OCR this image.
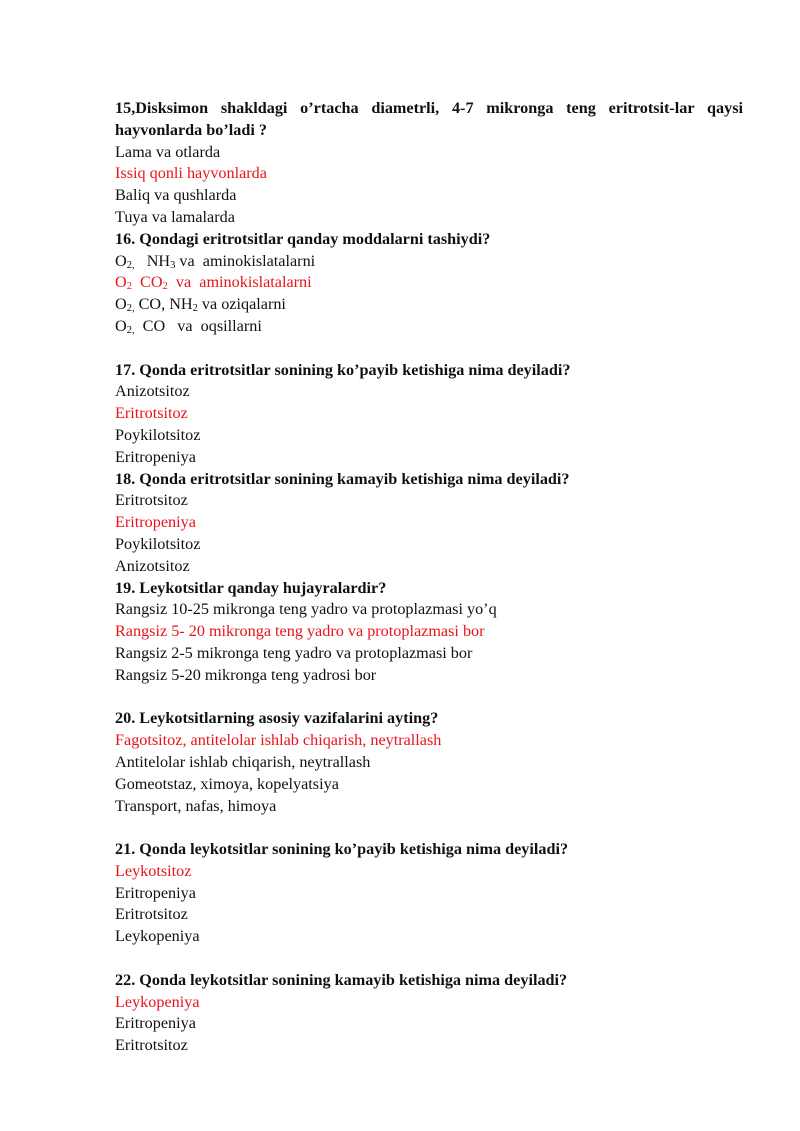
15,Disksimon shakldagi o’rtacha diametrli, 4-7 mikronga teng eritrotsit-lar qaysi hayvonlarda bo’ladi ?

Lama va otlarda

Issiq qonli hayvonlarda

Baliq va qushlarda

Tuya va lamalarda

16. Qondagi eritrotsitlar qanday moddalarni tashiydi?

O2,   NH3 va  aminokislatalarni

O2  CO2  va  aminokislatalarni

O2, CO, NH2 va oziqalarni

O2,  CO   va  oqsillarni

17. Qonda eritrotsitlar sonining ko’payib ketishiga nima deyiladi?

Anizotsitoz

Eritrotsitoz

Poykilotsitoz

Eritropeniya

18. Qonda eritrotsitlar sonining kamayib ketishiga nima deyiladi?

Eritrotsitoz

Eritropeniya

Poykilotsitoz

Anizotsitoz

19. Leykotsitlar qanday hujayralardir?

Rangsiz 10-25 mikronga teng yadro va protoplazmasi yo’q

Rangsiz 5- 20 mikronga teng yadro va protoplazmasi bor

Rangsiz 2-5 mikronga teng yadro va protoplazmasi bor

Rangsiz 5-20 mikronga teng yadrosi bor

20. Leykotsitlarning asosiy vazifalarini ayting?

Fagotsitoz, antitelolar ishlab chiqarish, neytrallash

Antitelolar ishlab chiqarish, neytrallash

Gomeotstaz, ximoya, kopelyatsiya

Transport, nafas, himoya

21. Qonda leykotsitlar sonining ko’payib ketishiga nima deyiladi?

Leykotsitoz

Eritropeniya

Eritrotsitoz

Leykopeniya

22. Qonda leykotsitlar sonining kamayib ketishiga nima deyiladi?

Leykopeniya

Eritropeniya

Eritrotsitoz
